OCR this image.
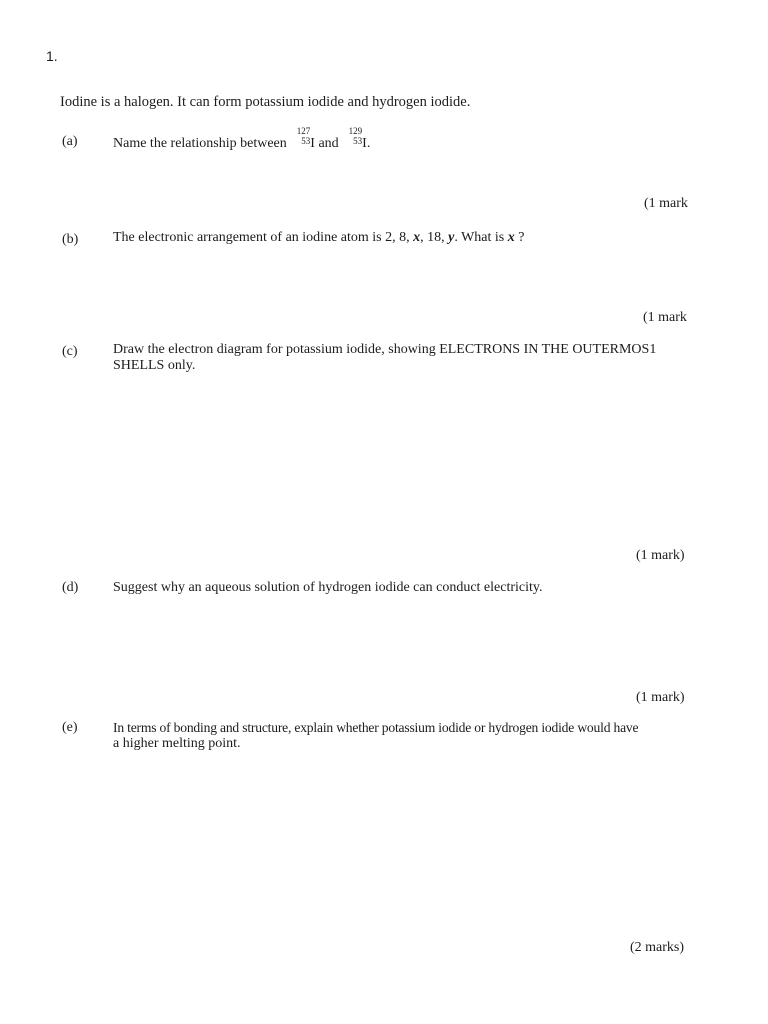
1.
Iodine is a halogen. It can form potassium iodide and hydrogen iodide.
(a)	Name the relationship between
127
53 I and
129
53 I.
(1 mark
(b) The electronic arrangement of an iodine atom is 2, 8, x, 18, y. What is x ?
(1 mark
(c)	Draw the electron diagram for potassium iodide, showing ELECTRONS IN THE OUTERMOS1
SHELLS only.
(1 mark)
(d) Suggest why an aqueous solution of hydrogen iodide can conduct electricity.
(1 mark)
(e)	In terms of bonding and structure, explain whether potassium iodide or hydrogen iodide would have
a higher melting point.
(2 marks)
